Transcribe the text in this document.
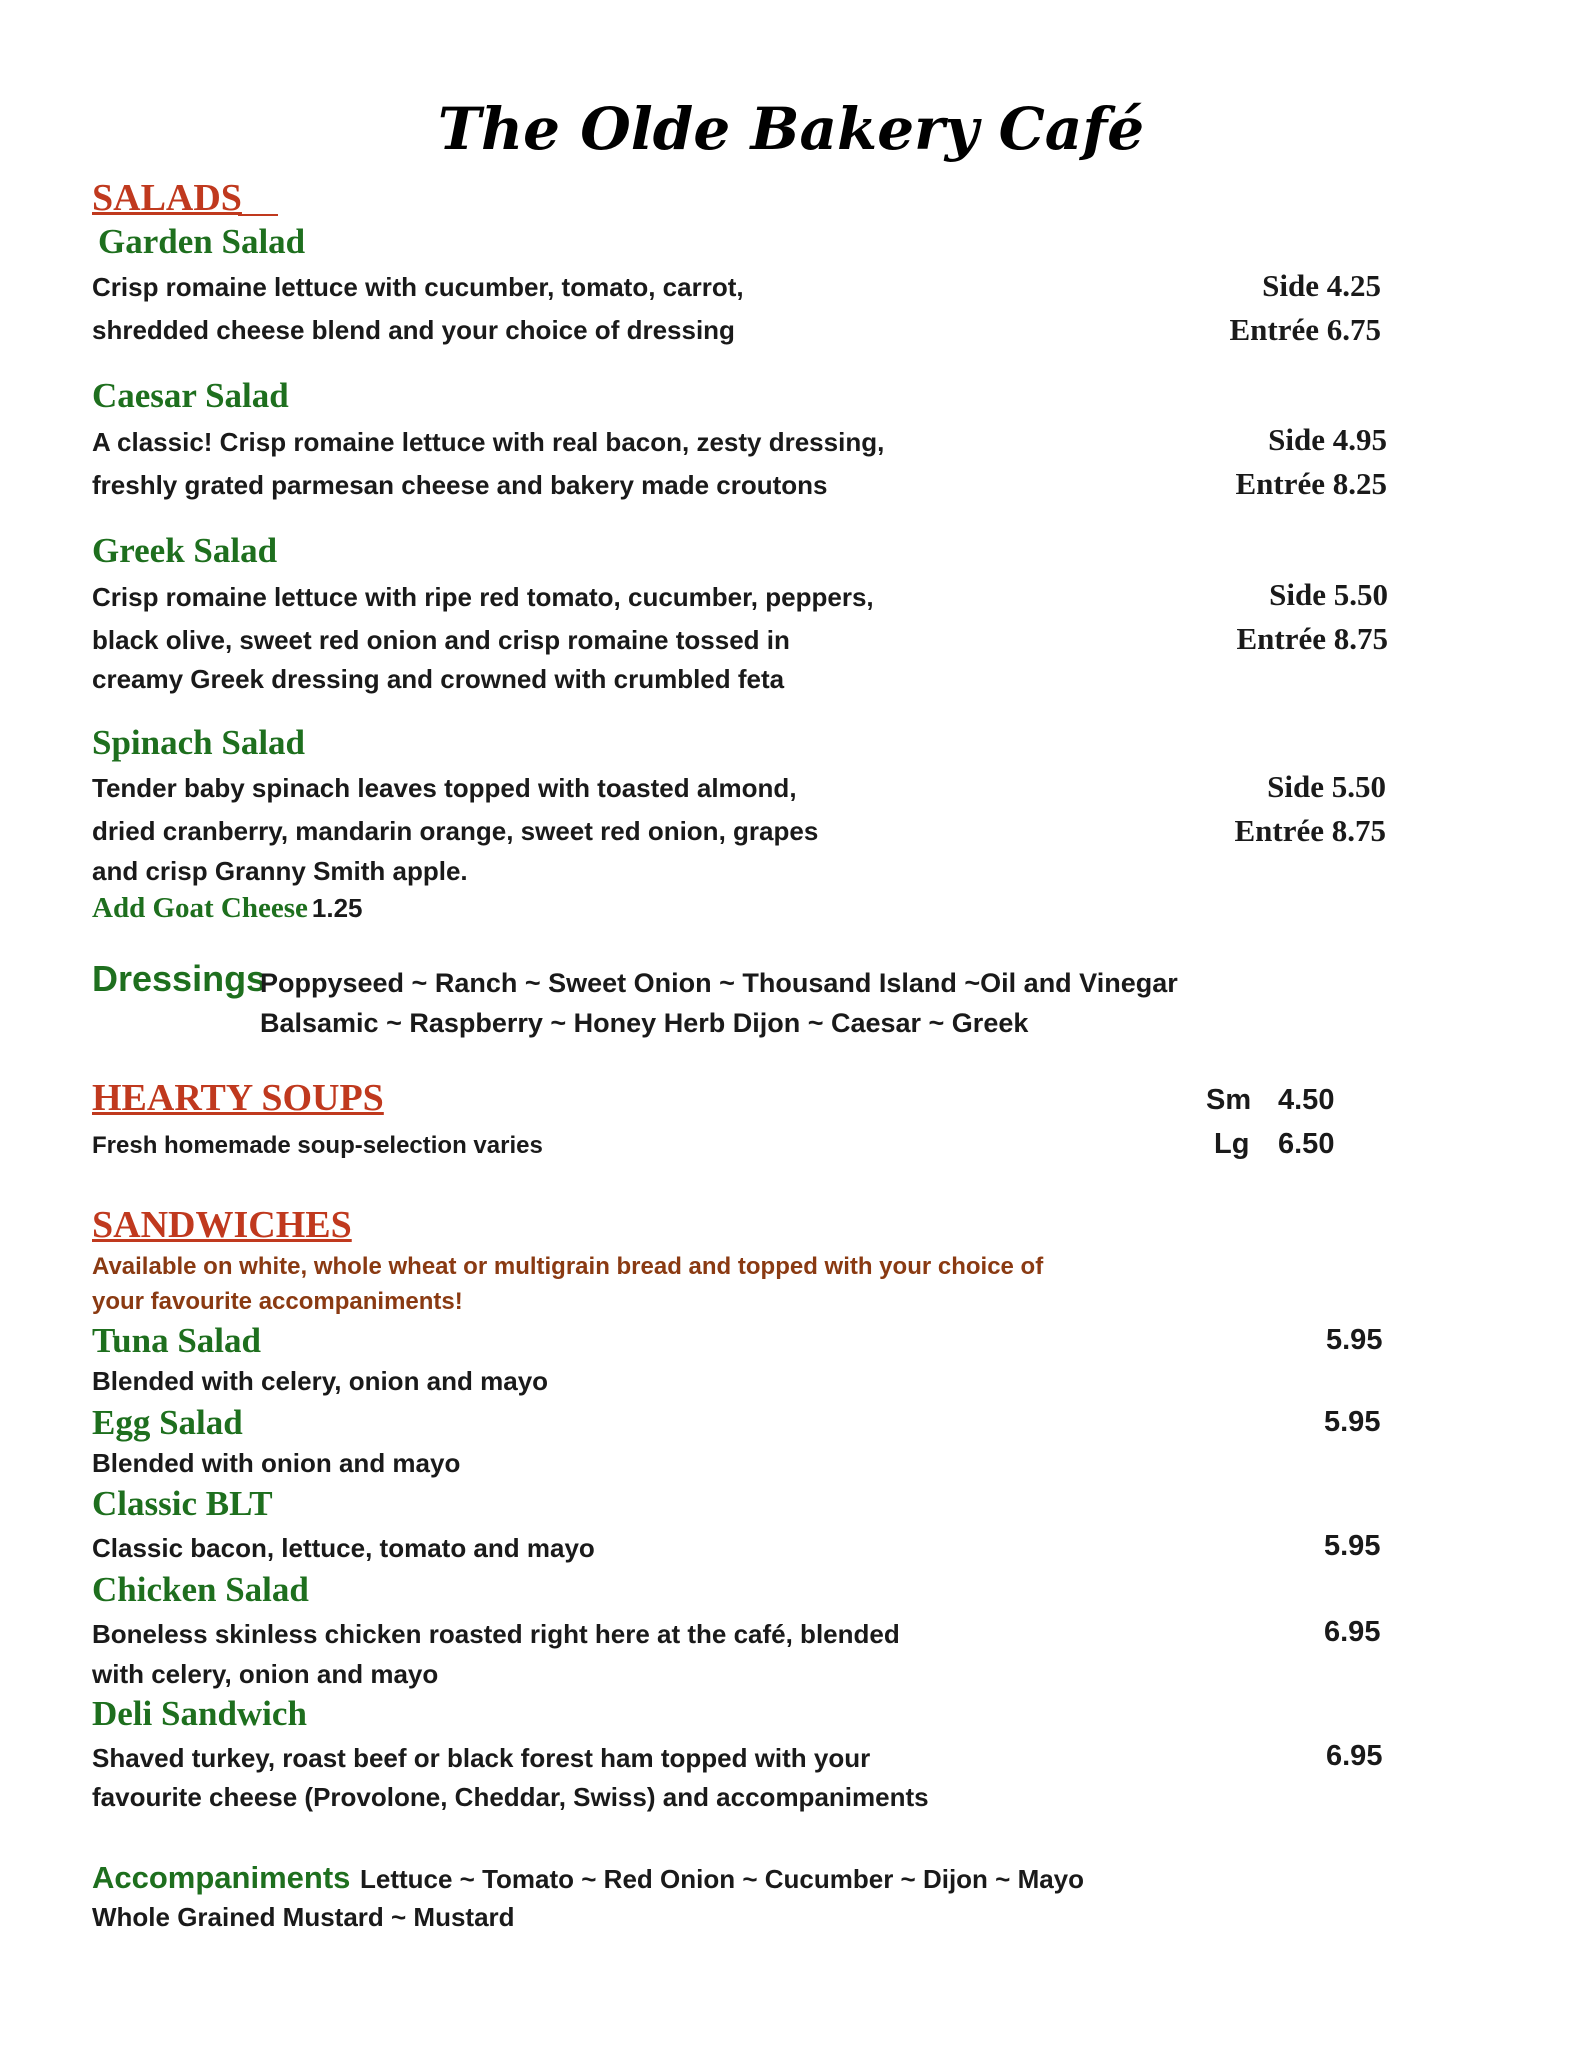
The Olde Bakery Café
SALADS
Garden Salad
Crisp romaine lettuce with cucumber, tomato, carrot,
shredded cheese blend and your choice of dressing
Side 4.25
Entrée 6.75
Caesar Salad
A classic! Crisp romaine lettuce with real bacon, zesty dressing,
freshly grated parmesan cheese and bakery made croutons
Side 4.95
Entrée 8.25
Greek Salad
Crisp romaine lettuce with ripe red tomato, cucumber, peppers,
black olive, sweet red onion and crisp romaine tossed in
creamy Greek dressing and crowned with crumbled feta
Side 5.50
Entrée 8.75
Spinach Salad
Tender baby spinach leaves topped with toasted almond,
dried cranberry, mandarin orange, sweet red onion, grapes
and crisp Granny Smith apple.
Side 5.50
Entrée 8.75
Add Goat Cheese 1.25
Dressings
Poppyseed ~ Ranch ~ Sweet Onion ~ Thousand Island ~Oil and Vinegar
Balsamic ~ Raspberry ~ Honey Herb Dijon ~ Caesar ~ Greek
HEARTY SOUPS
Fresh homemade soup-selection varies
Sm 4.50
Lg 6.50
SANDWICHES
Available on white, whole wheat or multigrain bread and topped with your choice of
your favourite accompaniments!
Tuna Salad
Blended with celery, onion and mayo
5.95
Egg Salad
Blended with onion and mayo
5.95
Classic BLT
Classic bacon, lettuce, tomato and mayo	5.95
Chicken Salad
Boneless skinless chicken roasted right here at the café, blended
with celery, onion and mayo
6.95
Deli Sandwich
Shaved turkey, roast beef or black forest ham topped with your
favourite cheese (Provolone, Cheddar, Swiss) and accompaniments
6.95
Accompaniments Lettuce ~ Tomato ~ Red Onion ~ Cucumber ~ Dijon ~ Mayo
Whole Grained Mustard ~ Mustard
